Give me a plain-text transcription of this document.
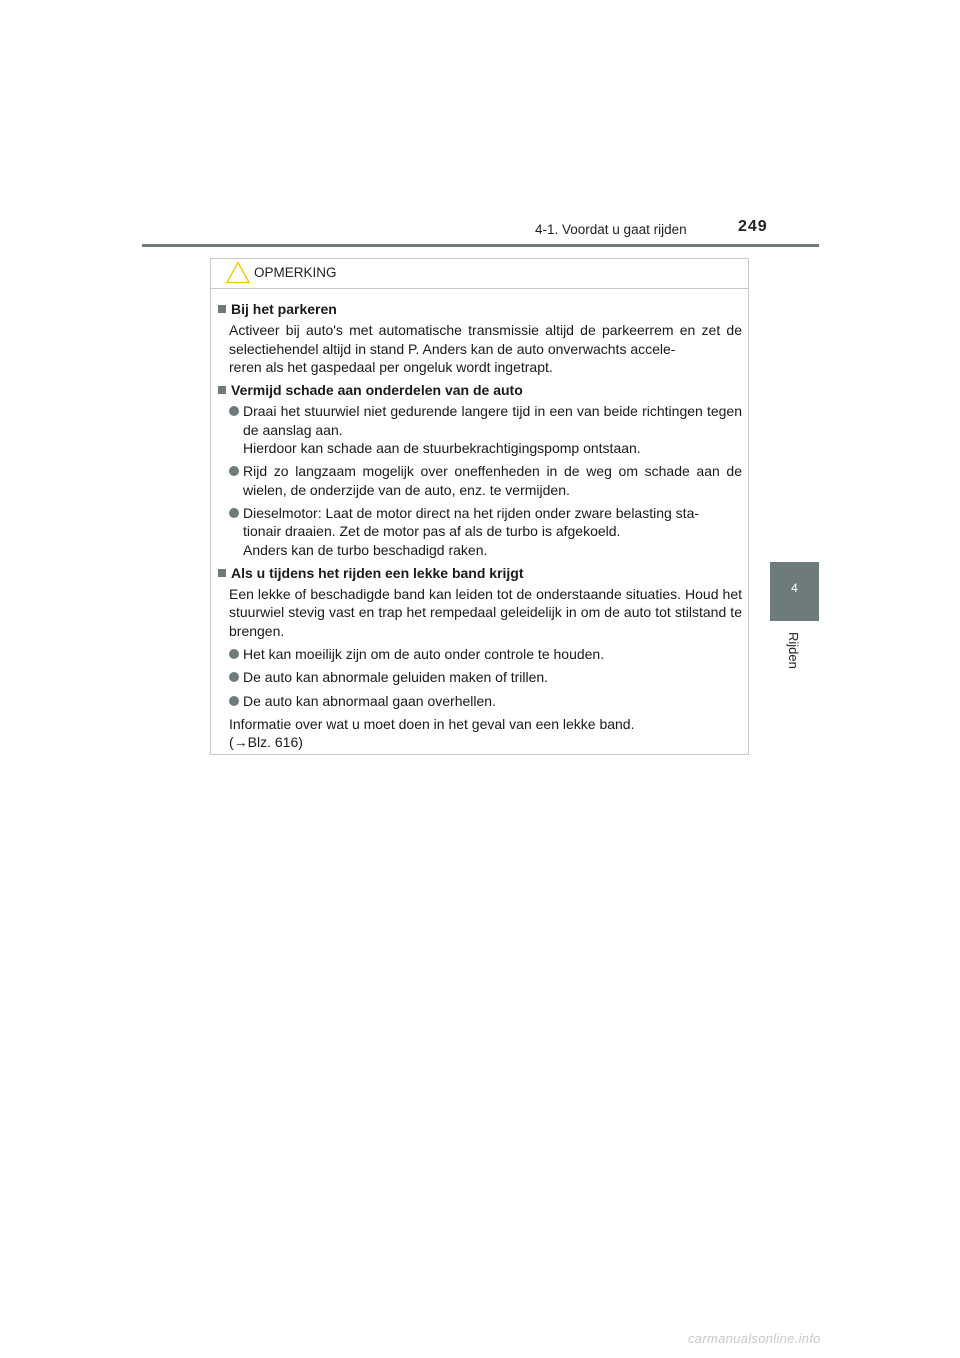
4-1. Voordat u gaat rijden	249
4
Rijden
OPMERKING
Bij het parkeren
Activeer bij auto's met automatische transmissie altijd de parkeerrem en zet de selectiehendel altijd in stand P. Anders kan de auto onverwachts accele-
reren als het gaspedaal per ongeluk wordt ingetrapt.
Vermijd schade aan onderdelen van de auto
Draai het stuurwiel niet gedurende langere tijd in een van beide richtingen tegen de aanslag aan.
Hierdoor kan schade aan de stuurbekrachtigingspomp ontstaan.
Rijd zo langzaam mogelijk over oneffenheden in de weg om schade aan de wielen, de onderzijde van de auto, enz. te vermijden.
Dieselmotor: Laat de motor direct na het rijden onder zware belasting sta-
tionair draaien. Zet de motor pas af als de turbo is afgekoeld.
Anders kan de turbo beschadigd raken.
Als u tijdens het rijden een lekke band krijgt
Een lekke of beschadigde band kan leiden tot de onderstaande situaties. Houd het stuurwiel stevig vast en trap het rempedaal geleidelijk in om de auto tot stilstand te brengen.
Het kan moeilijk zijn om de auto onder controle te houden.
De auto kan abnormale geluiden maken of trillen.
De auto kan abnormaal gaan overhellen.
Informatie over wat u moet doen in het geval van een lekke band.
(→Blz. 616)
carmanualsonline.info
